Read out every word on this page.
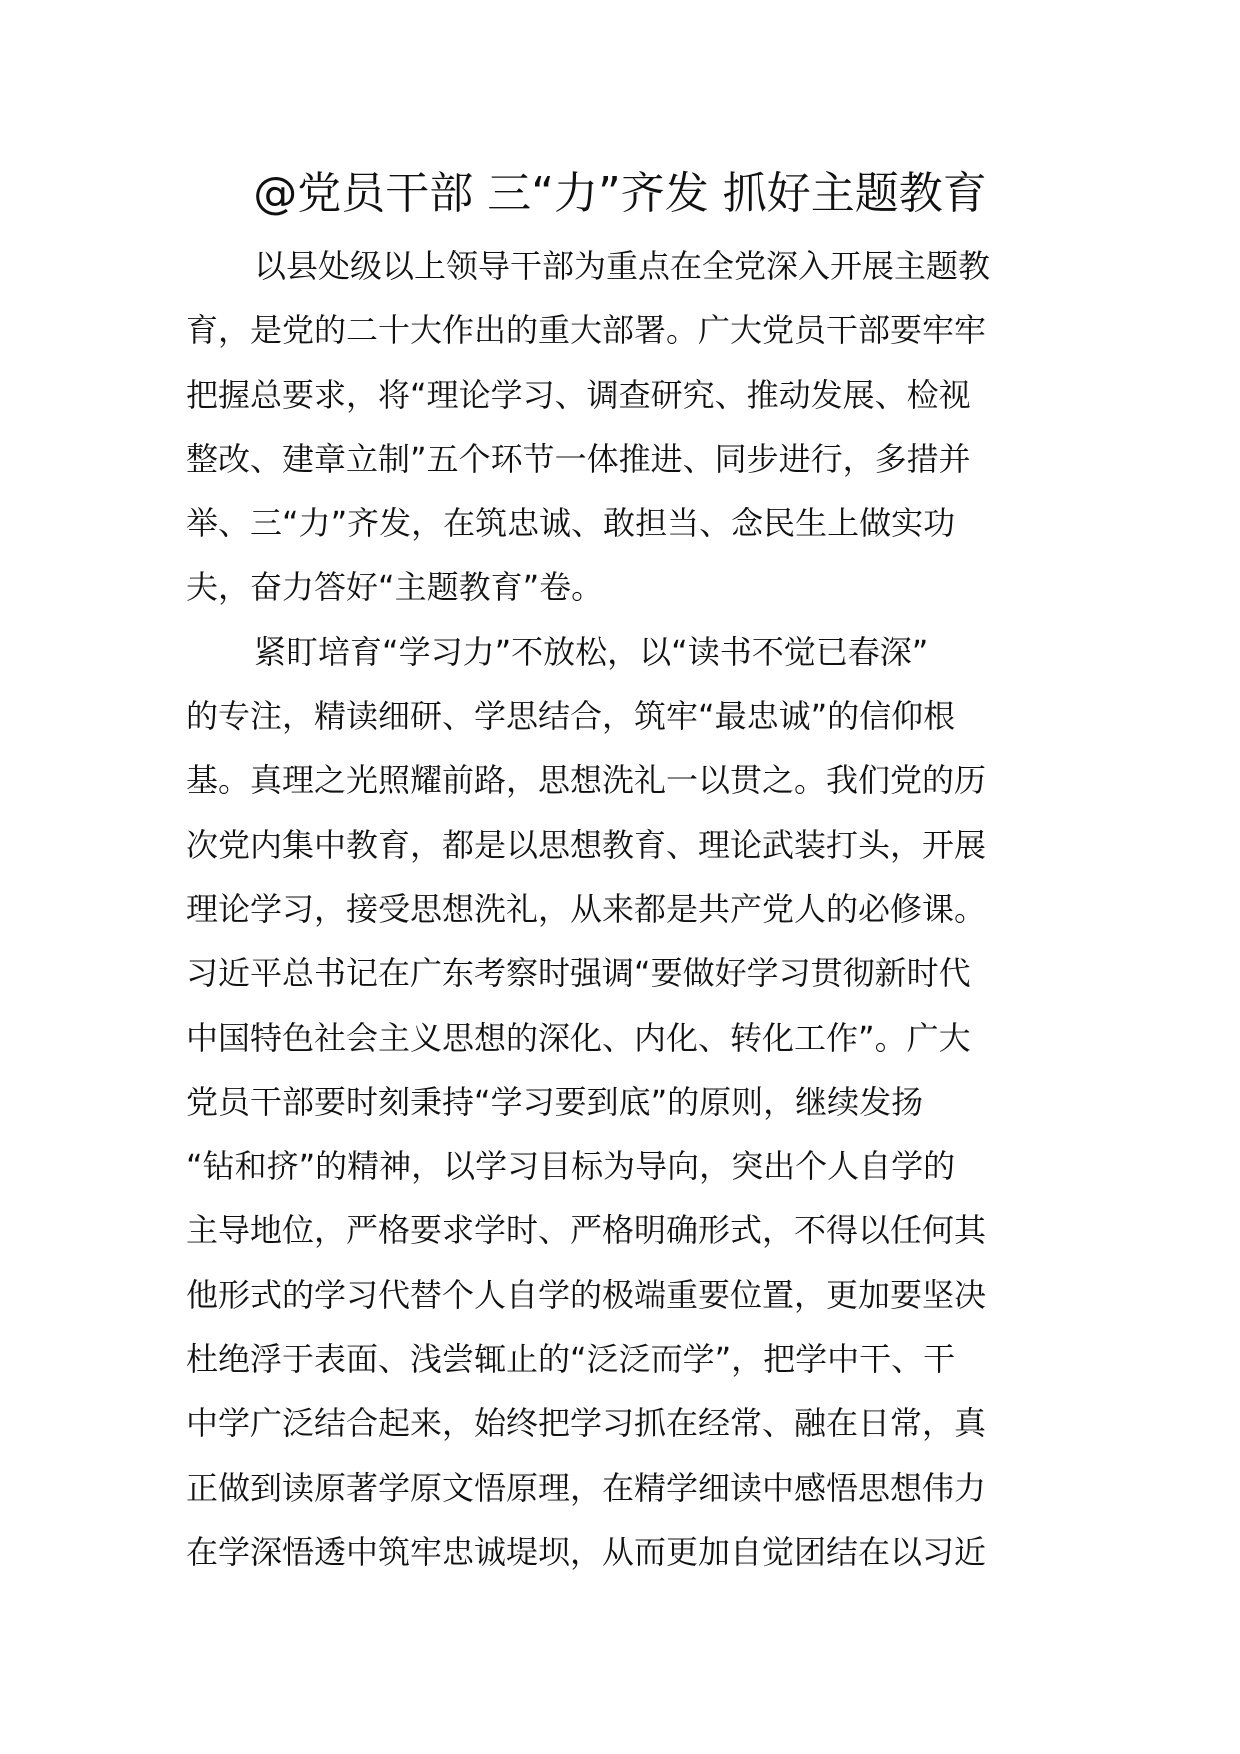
@党员干部 三“力”齐发 抓好主题教育
以县处级以上领导干部为重点在全党深入开展主题教
育，是党的二十大作出的重大部署。广大党员干部要牢牢
把握总要求，将“理论学习、调查研究、推动发展、检视
整改、建章立制”五个环节一体推进、同步进行，多措并
举、三“力”齐发，在筑忠诚、敢担当、念民生上做实功
夫，奋力答好“主题教育”卷。
紧盯培育“学习力”不放松，以“读书不觉已春深”
的专注，精读细研、学思结合，筑牢“最忠诚”的信仰根
基。真理之光照耀前路，思想洗礼一以贯之。我们党的历
次党内集中教育，都是以思想教育、理论武装打头，开展
理论学习，接受思想洗礼，从来都是共产党人的必修课。
习近平总书记在广东考察时强调“要做好学习贯彻新时代
中国特色社会主义思想的深化、内化、转化工作”。广大
党员干部要时刻秉持“学习要到底”的原则，继续发扬
“钻和挤”的精神，以学习目标为导向，突出个人自学的
主导地位，严格要求学时、严格明确形式，不得以任何其
他形式的学习代替个人自学的极端重要位置，更加要坚决
杜绝浮于表面、浅尝辄止的“泛泛而学”，把学中干、干
中学广泛结合起来，始终把学习抓在经常、融在日常，真
正做到读原著学原文悟原理，在精学细读中感悟思想伟力
在学深悟透中筑牢忠诚堤坝，从而更加自觉团结在以习近
